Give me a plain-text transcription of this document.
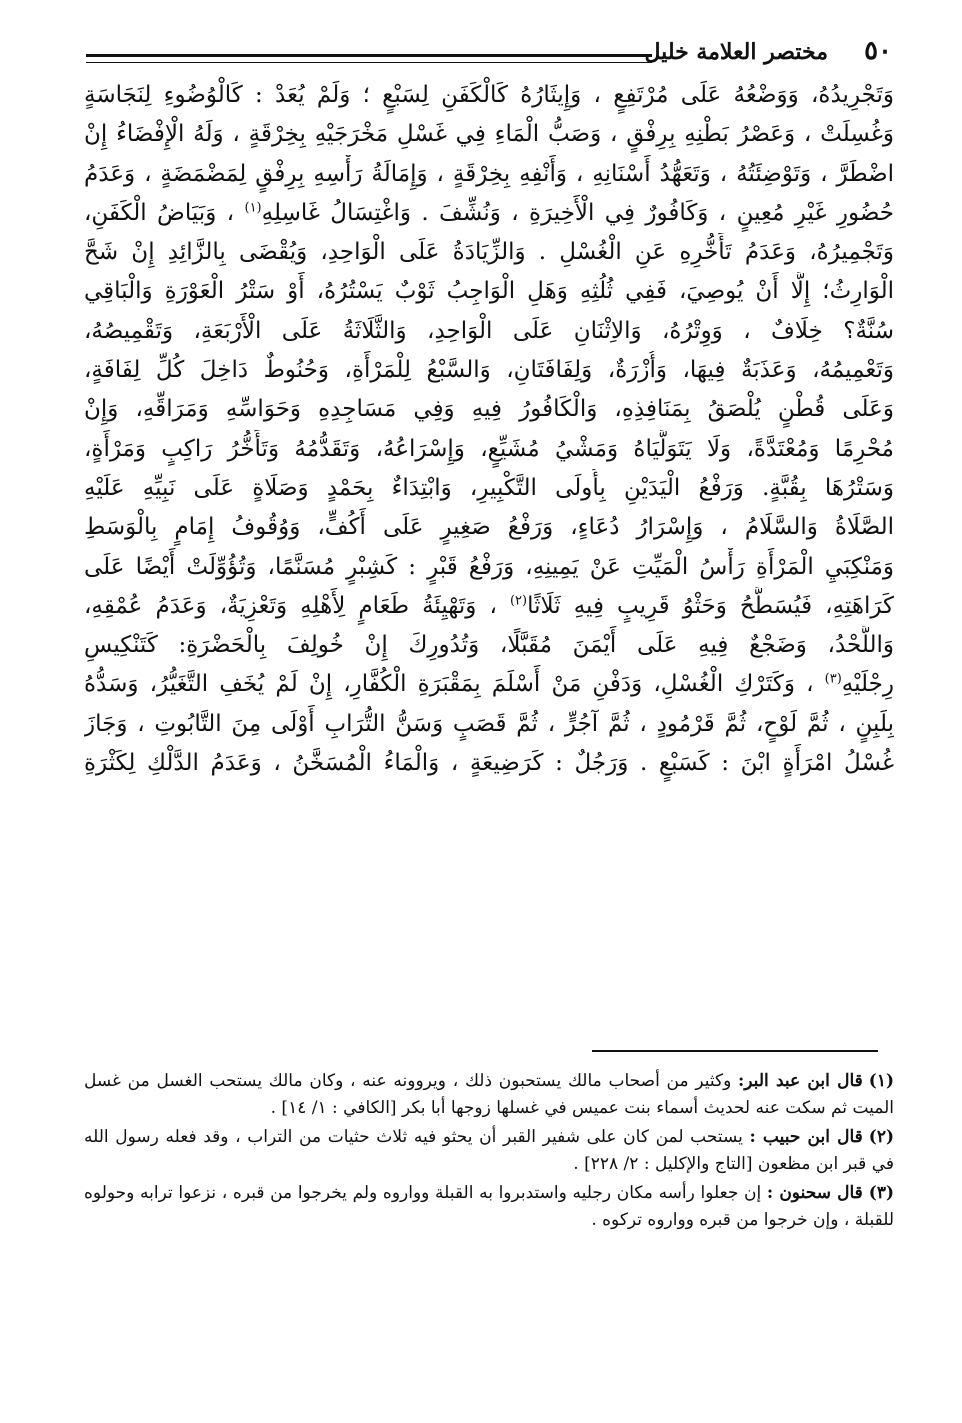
٥٠
مختصر العلامة خليل
وَتَجْرِيدُهُ، وَوَضْعُهُ عَلَى مُرْتَفِعٍ ، وَإِيثَارُهُ كَالْكَفَنِ لِسَبْعٍ ؛ وَلَمْ يُعَدْ : كَالْوُضُوءِ لِنَجَاسَةٍ
وَغُسِلَتْ ، وَعَصْرُ بَطْنِهِ بِرِفْقٍ ، وَصَبُّ الْمَاءِ فِي غَسْلِ مَخْرَجَيْهِ بِخِرْقَةٍ ، وَلَهُ الْإِفْضَاءُ إِنْ
اضْطَرَّ ، وَتَوْضِئَتُهُ ، وَتَعَهُّدُ أَسْنَانِهِ ، وَأَنْفِهِ بِخِرْقَةٍ ، وَإِمَالَةُ رَأْسِهِ بِرِفْقٍ لِمَضْمَضَةٍ ، وَعَدَمُ
حُضُورِ غَيْرِ مُعِينٍ ، وَكَافُورٌ فِي الْأَخِيرَةِ ، وَنُشِّفَ . وَاغْتِسَالُ غَاسِلِهِ$^{(١)}$ ، وَبَيَاضُ الْكَفَنِ،
وَتَجْمِيرُهُ، وَعَدَمُ تَأَخُّرِهِ عَنِ الْغُسْلِ . وَالزِّيَادَةُ عَلَى الْوَاحِدِ، وَيُقْضَى بِالزَّائِدِ إِنْ شَحَّ
الْوَارِثُ؛ إِلَّا أَنْ يُوصِيَ، فَفِي ثُلُثِهِ وَهَلِ الْوَاجِبُ ثَوْبٌ يَسْتُرُهُ، أَوْ سَتْرُ الْعَوْرَةِ وَالْبَاقِي
سُنَّةٌ؟ خِلَافٌ ، وَوِتْرُهُ، وَالاِثْنَانِ عَلَى الْوَاحِدِ، وَالثَّلَاثَةُ عَلَى الْأَرْبَعَةِ، وَتَقْمِيصُهُ،
وَتَعْمِيمُهُ، وَعَذَبَةٌ فِيهَا، وَأُزْرَةٌ، وَلِفَافَتَانِ، وَالسَّبْعُ لِلْمَرْأَةِ، وَحُنُوطٌ دَاخِلَ كُلِّ لِفَافَةٍ،
وَعَلَى قُطْنٍ يُلْصَقُ بِمَنَافِذِهِ، وَالْكَافُورُ فِيهِ وَفِي مَسَاجِدِهِ وَحَوَاسِّهِ وَمَرَاقِّهِ، وَإِنْ
مُحْرِمًا وَمُعْتَدَّةً، وَلَا يَتَوَلَّيَاهُ وَمَشْيُ مُشَيِّعٍ، وَإِسْرَاعُهُ، وَتَقَدُّمُهُ وَتَأَخُّرُ رَاكِبٍ وَمَرْأَةٍ،
وَسَتْرُهَا بِقُبَّةٍ. وَرَفْعُ الْيَدَيْنِ بِأُولَى التَّكْبِيرِ، وَابْتِدَاءٌ بِحَمْدٍ وَصَلَاةٍ عَلَى نَبِيِّهِ عَلَيْهِ
الصَّلَاةُ وَالسَّلَامُ ، وَإِسْرَارُ دُعَاءٍ، وَرَفْعُ صَغِيرٍ عَلَى أَكُفٍّ، وَوُقُوفُ إِمَامٍ بِالْوَسَطِ
وَمَنْكِبَيِ الْمَرْأَةِ رَأْسُ الْمَيِّتِ عَنْ يَمِينِهِ، وَرَفْعُ قَبْرٍ : كَشِبْرٍ مُسَنَّمًا، وَتُؤُوِّلَتْ أَيْضًا عَلَى
كَرَاهَتِهِ، فَيُسَطَّحُ وَحَثْوُ قَرِيبٍ فِيهِ ثَلَاثًا$^{(٢)}$ ، وَتَهْيِئَةُ طَعَامٍ لِأَهْلِهِ وَتَعْزِيَةٌ، وَعَدَمُ عُمْقِهِ،
وَاللَّحْدُ، وَضَجْعٌ فِيهِ عَلَى أَيْمَنَ مُقَبَّلًا، وَتُدُورِكَ إِنْ خُولِفَ بِالْحَضْرَةِ: كَتَنْكِيسِ
رِجْلَيْهِ$^{(٣)}$ ، وَكَتَرْكِ الْغُسْلِ، وَدَفْنِ مَنْ أَسْلَمَ بِمَقْبَرَةِ الْكُفَّارِ، إِنْ لَمْ يُخَفِ التَّغَيُّرُ، وَسَدُّهُ
بِلَبِنٍ ، ثُمَّ لَوْحٍ، ثُمَّ قَرْمُودٍ ، ثُمَّ آجُرٍّ ، ثُمَّ قَصَبٍ وَسَنُّ التُّرَابِ أَوْلَى مِنَ التَّابُوتِ ، وَجَازَ
غُسْلُ امْرَأَةٍ ابْنَ : كَسَبْعٍ . وَرَجُلٌ : كَرَضِيعَةٍ ، وَالْمَاءُ الْمُسَخَّنُ ، وَعَدَمُ الدَّلْكِ لِكَثْرَةِ

(١)قال ابن عبد البر: وكثير من أصحاب مالك يستحبون ذلك ، ويروونه عنه ، وكان مالك يستحب الغسل من غسل الميت ثم سكت عنه لحديث أسماء بنت عميس في غسلها زوجها أبا بكر [الكافي : ١/ ١٤] .

(٢)قال ابن حبيب : يستحب لمن كان على شفير القبر أن يحثو فيه ثلاث حثيات من التراب ، وقد فعله رسول الله في قبر ابن مظعون [التاج والإكليل : ٢/ ٢٢٨] .

(٣)قال سحنون : إن جعلوا رأسه مكان رجليه واستدبروا به القبلة وواروه ولم يخرجوا من قبره ، نزعوا ترابه وحولوه للقبلة ، وإن خرجوا من قبره وواروه تركوه .
